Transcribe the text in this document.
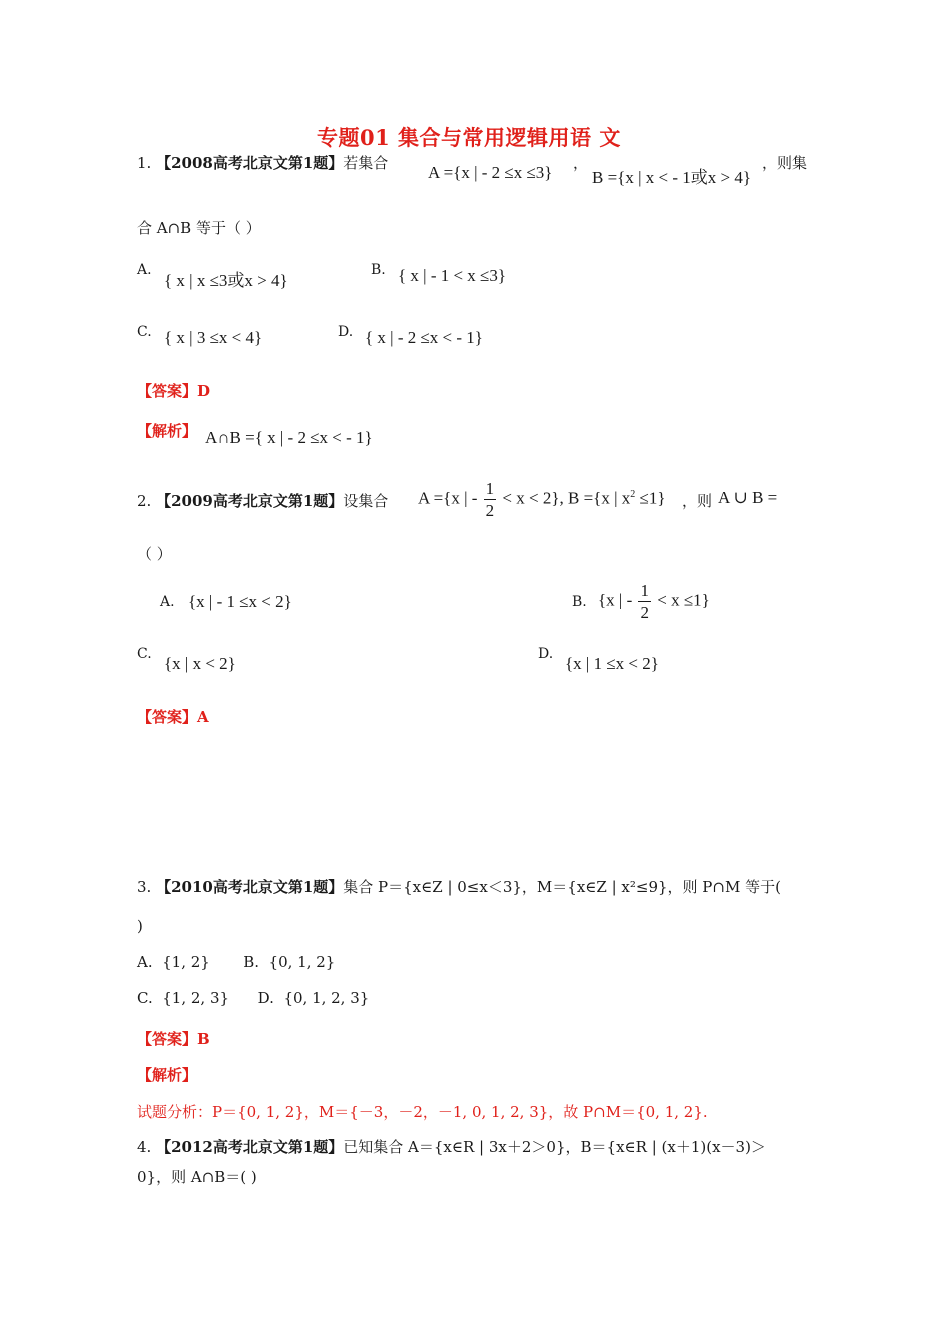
专题01 集合与常用逻辑用语 文
1. 【2008高考北京文第1题】若集合 A ={x | - 2 ≤x ≤3} ，
B ={x | x < - 1或x > 4}
，则集
合 A∩B 等于（ ）
A.
{ x | x ≤3或x > 4}
B. { x | - 1 < x ≤3}
C. { x | 3 ≤x < 4}	D. { x | - 2 ≤x < - 1}
【答案】D
【解析】 A∩B ={ x | - 2 ≤x < - 1}
2. 【2009高考北京文第1题】设集合 A ={x | - $\frac{1}{2} < x < 2$}, B ={x | $x^2 \le 1$} ，则 A ∪ B =
（ ）
A. {x | - 1 ≤x < 2}	B. {x | - $\frac{1}{2} < x \le 1$}
C. {x | x < 2}	D. {x | 1 ≤x < 2}
【答案】A
3. 【2010高考北京文第1题】集合 P＝{x∈Z | 0≤x＜3}，M＝{x∈Z | x²≤9}，则 P∩M 等于(
)
A.  {1, 2}       B.  {0, 1, 2}
C.  {1, 2, 3}      D.  {0, 1, 2, 3}
【答案】B
【解析】
试题分析：P＝{0, 1, 2}，M＝{－3，－2，－1, 0, 1, 2, 3}，故 P∩M＝{0, 1, 2}.
4. 【2012高考北京文第1题】已知集合 A＝{x∈R | 3x＋2＞0}，B＝{x∈R | (x＋1)(x－3)＞
0}，则 A∩B＝( )
